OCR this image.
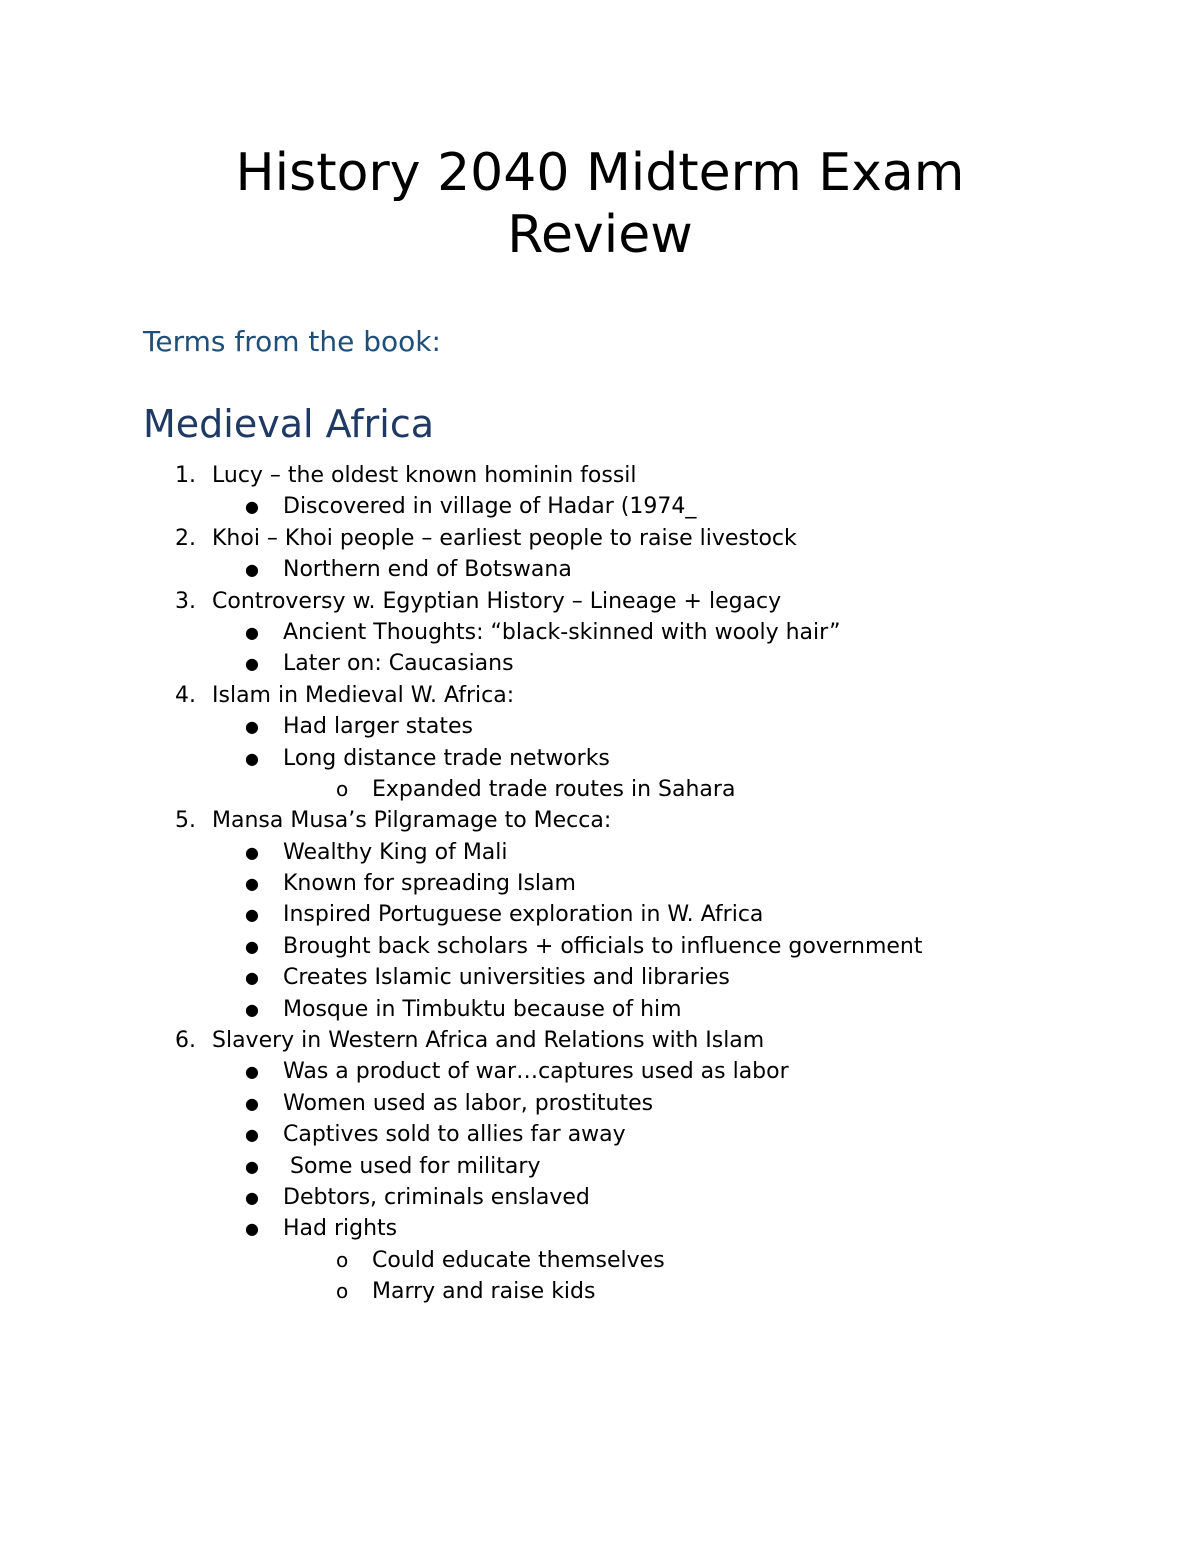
History 2040 Midterm Exam Review

Terms from the book:

Medieval Africa
1. Lucy – the oldest known hominin fossil
● Discovered in village of Hadar (1974_
2. Khoi – Khoi people – earliest people to raise livestock
● Northern end of Botswana
3. Controversy w. Egyptian History – Lineage + legacy
● Ancient Thoughts: “black-skinned with wooly hair”
● Later on: Caucasians
4. Islam in Medieval W. Africa:
● Had larger states
● Long distance trade networks
o Expanded trade routes in Sahara
5. Mansa Musa’s Pilgramage to Mecca:
● Wealthy King of Mali
● Known for spreading Islam
● Inspired Portuguese exploration in W. Africa
● Brought back scholars + officials to influence government
● Creates Islamic universities and libraries
● Mosque in Timbuktu because of him
6. Slavery in Western Africa and Relations with Islam
● Was a product of war…captures used as labor
● Women used as labor, prostitutes
● Captives sold to allies far away
● Some used for military
● Debtors, criminals enslaved
● Had rights
o Could educate themselves
o Marry and raise kids
